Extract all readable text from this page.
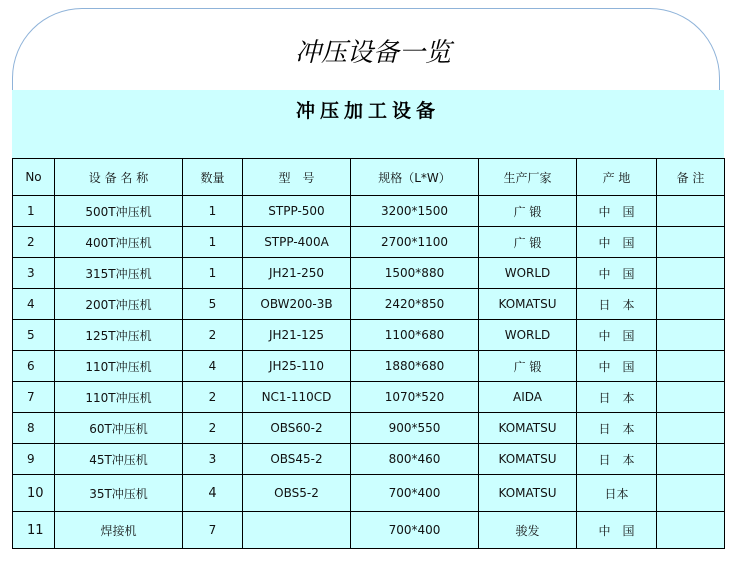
冲压设备一览
冲压加工设备
No	设 备 名 称	数量	型　号	规格（L*W）	生产厂家	产 地	备 注
1	500T冲压机	1	STPP-500	3200*1500	广 锻	中　国	
2	400T冲压机	1	STPP-400A	2700*1100	广 锻	中　国	
3	315T冲压机	1	JH21-250	1500*880	WORLD	中　国	
4	200T冲压机	5	OBW200-3B	2420*850	KOMATSU	日　本	
5	125T冲压机	2	JH21-125	1100*680	WORLD	中　国	
6	110T冲压机	4	JH25-110	1880*680	广 锻	中　国	
7	110T冲压机	2	NC1-110CD	1070*520	AIDA	日　本	
8	60T冲压机	2	OBS60-2	900*550	KOMATSU	日　本	
9	45T冲压机	3	OBS45-2	800*460	KOMATSU	日　本	
10	35T冲压机	4	OBS5-2	700*400	KOMATSU	日本	
11	焊接机	7		700*400	骏发	中　国	
